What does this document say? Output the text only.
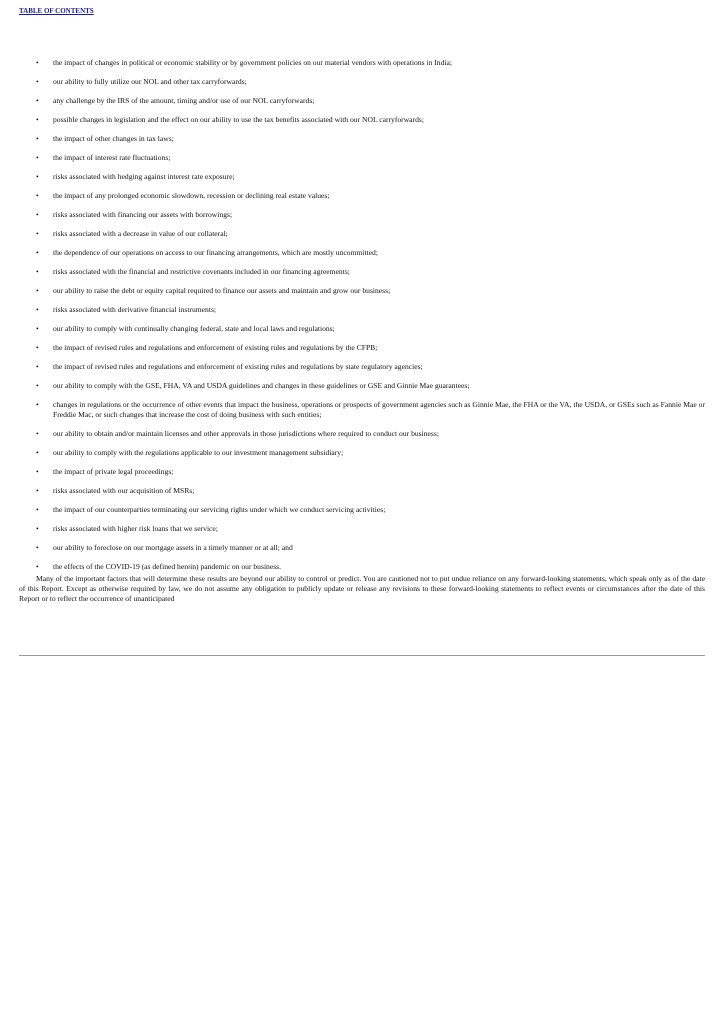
TABLE OF CONTENTS
• the impact of changes in political or economic stability or by government policies on our material vendors with operations in India;
• our ability to fully utilize our NOL and other tax carryforwards;
• any challenge by the IRS of the amount, timing and/or use of our NOL carryforwards;
• possible changes in legislation and the effect on our ability to use the tax benefits associated with our NOL carryforwards;
• the impact of other changes in tax laws;
• the impact of interest rate fluctuations;
• risks associated with hedging against interest rate exposure;
• the impact of any prolonged economic slowdown, recession or declining real estate values;
• risks associated with financing our assets with borrowings;
• risks associated with a decrease in value of our collateral;
• the dependence of our operations on access to our financing arrangements, which are mostly uncommitted;
• risks associated with the financial and restrictive covenants included in our financing agreements;
• our ability to raise the debt or equity capital required to finance our assets and maintain and grow our business;
• risks associated with derivative financial instruments;
• our ability to comply with continually changing federal, state and local laws and regulations;
• the impact of revised rules and regulations and enforcement of existing rules and regulations by the CFPB;
• the impact of revised rules and regulations and enforcement of existing rules and regulations by state regulatory agencies;
• our ability to comply with the GSE, FHA, VA and USDA guidelines and changes in these guidelines or GSE and Ginnie Mae guarantees;
• changes in regulations or the occurrence of other events that impact the business, operations or prospects of government agencies such as Ginnie Mae, the FHA or the VA, the USDA, or GSEs such as Fannie Mae or Freddie Mac, or such changes that increase the cost of doing business with such entities;
• our ability to obtain and/or maintain licenses and other approvals in those jurisdictions where required to conduct our business;
• our ability to comply with the regulations applicable to our investment management subsidiary;
• the impact of private legal proceedings;
• risks associated with our acquisition of MSRs;
• the impact of our counterparties terminating our servicing rights under which we conduct servicing activities;
• risks associated with higher risk loans that we service;
• our ability to foreclose on our mortgage assets in a timely manner or at all; and
• the effects of the COVID-19 (as defined herein) pandemic on our business.

Many of the important factors that will determine these results are beyond our ability to control or predict. You are cautioned not to put undue reliance on any forward-looking statements, which speak only as of the date of this Report. Except as otherwise required by law, we do not assume any obligation to publicly update or release any revisions to these forward-looking statements to reflect events or circumstances after the date of this Report or to reflect the occurrence of unanticipated
